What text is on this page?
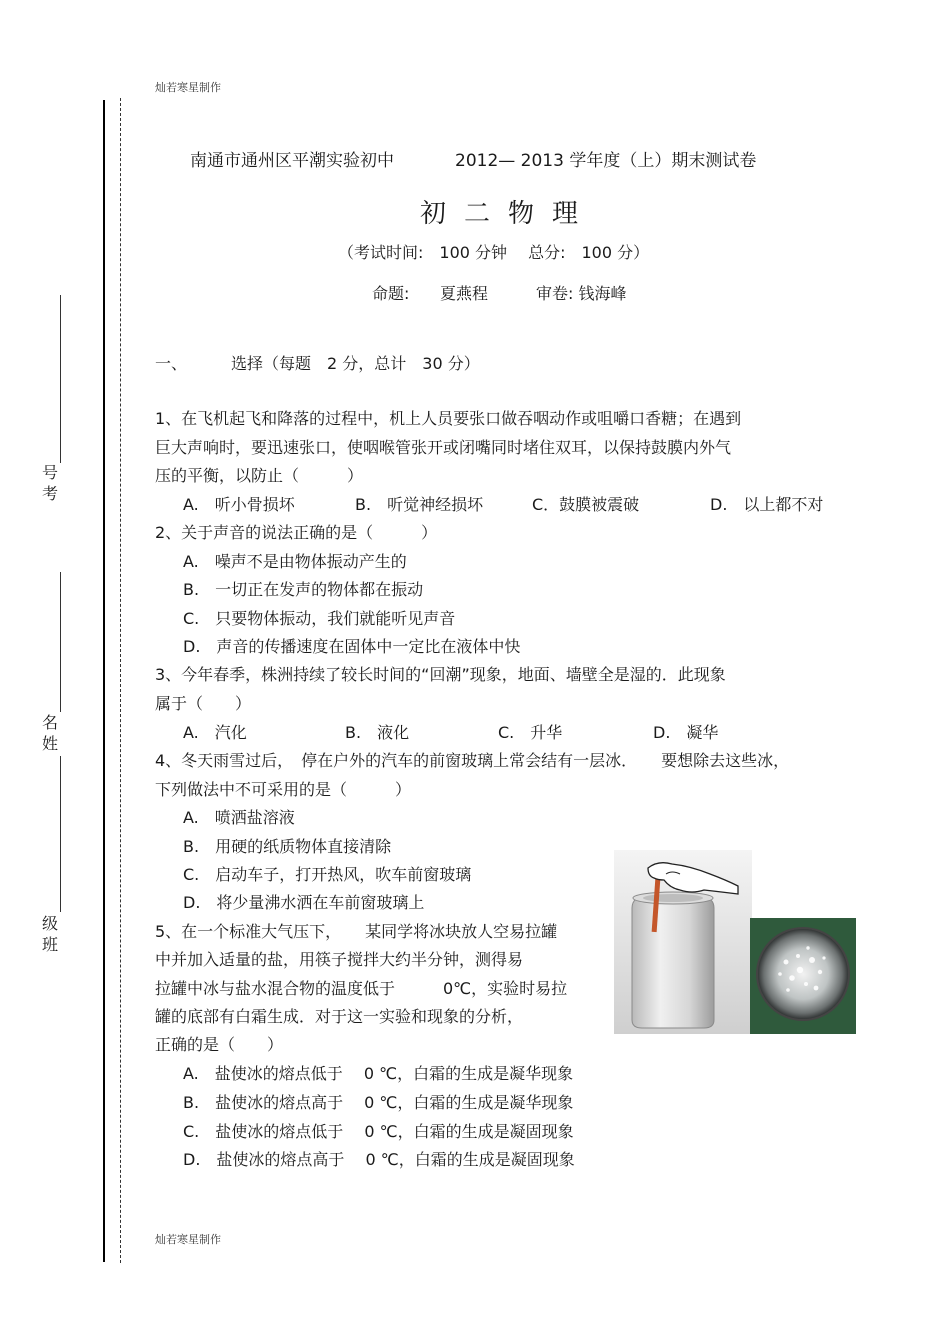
灿若寒星制作
灿若寒星制作
号
考
名
姓
级
班
南通市通州区平潮实验初中	2012— 2013 学年度（上）期末测试卷
初二物理
（考试时间:　100 分钟　 总分:　100 分）
命题: 夏燕程	审卷: 钱海峰
一、	选择（每题　2 分，总计　30 分）
1、在飞机起飞和降落的过程中，机上人员要张口做吞咽动作或咀嚼口香糖；在遇到
巨大声响时，要迅速张口，使咽喉管张开或闭嘴同时堵住双耳，以保持鼓膜内外气
压的平衡，以防止（　　　）
A.　听小骨损坏	B.　听觉神经损坏	C．鼓膜被震破	D.　以上都不对
2、关于声音的说法正确的是（　　　）
A.　噪声不是由物体振动产生的
B.　一切正在发声的物体都在振动
C.　只要物体振动，我们就能听见声音
D.　声音的传播速度在固体中一定比在液体中快
3、今年春季，株洲持续了较长时间的“回潮”现象，地面、墙壁全是湿的．此现象
属于（　　）
A.　汽化	B.　液化	C.　升华	D.　凝华
4、冬天雨雪过后，　停在户外的汽车的前窗玻璃上常会结有一层冰．　　要想除去这些冰，
下列做法中不可采用的是（　　　）
A.　喷洒盐溶液
B.　用硬的纸质物体直接清除
C.　启动车子，打开热风，吹车前窗玻璃
D.　将少量沸水洒在车前窗玻璃上
5、在一个标准大气压下，　　某同学将冰块放人空易拉罐
中并加入适量的盐，用筷子搅拌大约半分钟，测得易
拉罐中冰与盐水混合物的温度低于　　　0℃，实验时易拉
罐的底部有白霜生成．对于这一实验和现象的分析，
正确的是（　　）
A.　盐使冰的熔点低于　 0 ℃，白霜的生成是凝华现象
B.　盐使冰的熔点高于　 0 ℃，白霜的生成是凝华现象
C.　盐使冰的熔点低于　 0 ℃，白霜的生成是凝固现象
D.　盐使冰的熔点高于　 0 ℃，白霜的生成是凝固现象
